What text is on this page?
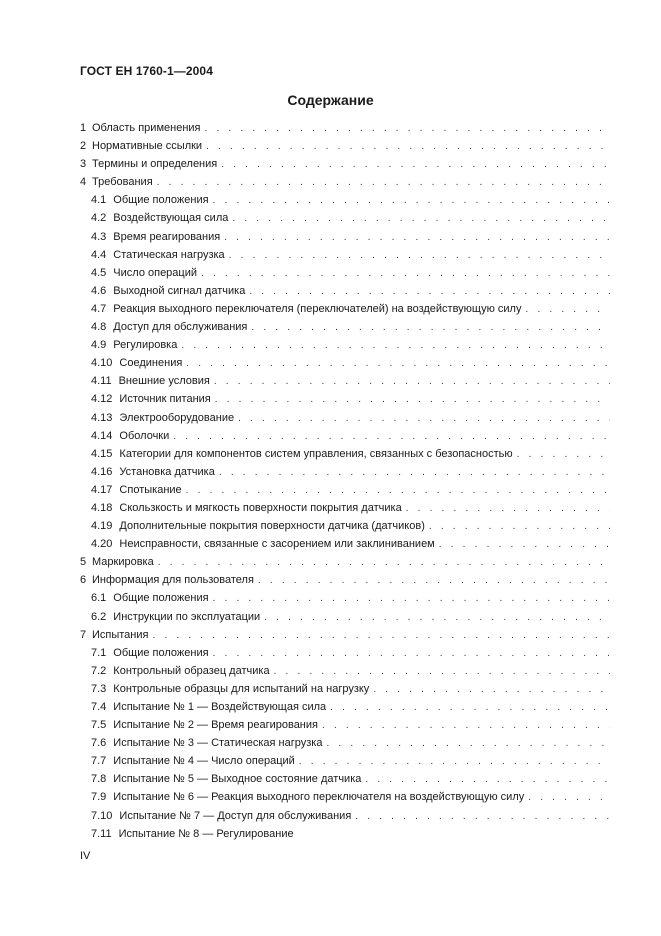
ГОСТ ЕН 1760-1—2004
Содержание
1 Область применения
. . .
2 Нормативные ссылки
. . .
3 Термины и определения
. . .
4 Требования
. . .
4.1 Общие положения
. . .
4.2 Воздействующая сила
. . .
4.3 Время реагирования
. . .
4.4 Статическая нагрузка
. . .
4.5 Число операций
. . .
4.6 Выходной сигнал датчика
. . .
4.7 Реакция выходного переключателя (переключателей) на воздействующую силу
. . .
4.8 Доступ для обслуживания
. . .
4.9 Регулировка
. . .
4.10 Соединения
. . .
4.11 Внешние условия
. . .
4.12 Источник питания
. . .
4.13 Электрооборудование
. . .
4.14 Оболочки
. . .
4.15 Категории для компонентов систем управления, связанных с безопасностью
. . .
4.16 Установка датчика
. . .
4.17 Спотыкание
. . .
4.18 Скользкость и мягкость поверхности покрытия датчика
. . .
4.19 Дополнительные покрытия поверхности датчика (датчиков)
. . .
4.20 Неисправности, связанные с засорением или заклиниванием
. . .
5 Маркировка
. . .
6 Информация для пользователя
. . .
6.1 Общие положения
. . .
6.2 Инструкции по эксплуатации
. . .
7 Испытания
. . .
7.1 Общие положения
. . .
7.2 Контрольный образец датчика
. . .
7.3 Контрольные образцы для испытаний на нагрузку
. . .
7.4 Испытание № 1 — Воздействующая сила
. . .
7.5 Испытание № 2 — Время реагирования
. . .
7.6 Испытание № 3 — Статическая нагрузка
. . .
7.7 Испытание № 4 — Число операций
. . .
7.8 Испытание № 5 — Выходное состояние датчика
. . .
7.9 Испытание № 6 — Реакция выходного переключателя на воздействующую силу
. . .
7.10 Испытание № 7 — Доступ для обслуживания
. . .
7.11 Испытание № 8 — Регулирование
IV
